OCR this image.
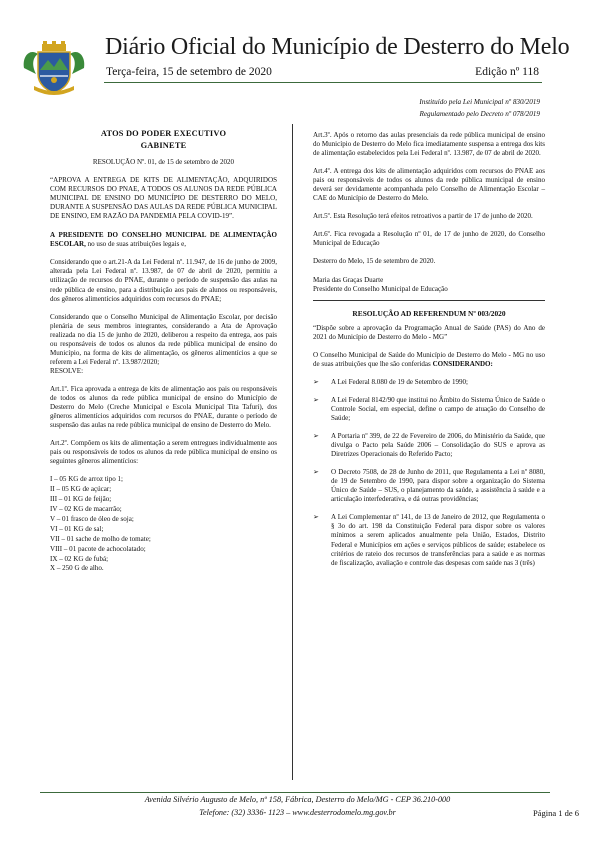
Diário Oficial do Município de Desterro do Melo
Terça-feira, 15 de setembro de 2020	Edição nº 118
Instituído pela Lei Municipal nº 830/2019
Regulamentado pelo Decreto nº 078/2019
ATOS DO PODER EXECUTIVO
GABINETE

RESOLUÇÃO Nº. 01, de 15 de setembro de 2020

“APROVA A ENTREGA DE KITS DE ALIMENTAÇÃO, ADQUIRIDOS COM RECURSOS DO PNAE, A TODOS OS ALUNOS DA REDE PÚBLICA MUNICIPAL DE ENSINO DO MUNICÍPIO DE DESTERRO DO MELO, DURANTE A SUSPENSÃO DAS AULAS DA REDE PÚBLICA MUNICIPAL DE ENSINO, EM RAZÃO DA PANDEMIA PELA COVID-19”.

A PRESIDENTE DO CONSELHO MUNICIPAL DE ALIMENTAÇÃO ESCOLAR, no uso de suas atribuições legais e,

Considerando que o art.21-A da Lei Federal nº. 11.947, de 16 de junho de 2009, alterada pela Lei Federal nº. 13.987, de 07 de abril de 2020, permitiu a utilização de recursos do PNAE, durante o período de suspensão das aulas na rede pública de ensino, para a distribuição aos pais de alunos ou responsáveis, dos gêneros alimentícios adquiridos com recursos do PNAE;

Considerando que o Conselho Municipal de Alimentação Escolar, por decisão plenária de seus membros integrantes, considerando a Ata de Aprovação realizada no dia 15 de junho de 2020, deliberou a respeito da entrega, aos pais ou responsáveis de todos os alunos da rede pública municipal de ensino do Município, na forma de kits de alimentação, os gêneros alimentícios a que se referem a Lei Federal nº. 13.987/2020;

RESOLVE:

Art.1º. Fica aprovada a entrega de kits de alimentação aos pais ou responsáveis de todos os alunos da rede pública municipal de ensino do Município de Desterro do Melo (Creche Municipal e Escola Municipal Tita Tafuri), dos gêneros alimentícios adquiridos com recursos do PNAE, durante o período de suspensão das aulas na rede pública municipal de ensino de Desterro do Melo.

Art.2º. Compõem os kits de alimentação a serem entregues individualmente aos pais ou responsáveis de todos os alunos da rede pública municipal de ensino os seguintes gêneros alimentícios:

I – 05 KG de arroz tipo 1;

II – 05 KG de açúcar;

III – 01 KG de feijão;

IV – 02 KG de macarrão;

V – 01 frasco de óleo de soja;

VI – 01 KG de sal;

VII – 01 sache de molho de tomate;

VIII – 01 pacote de achocolatado;

IX – 02 KG de fubá;

X – 250 G de alho.

Art.3º. Após o retorno das aulas presenciais da rede pública municipal de ensino do Município de Desterro do Melo fica imediatamente suspensa a entrega dos kits de alimentação estabelecidos pela Lei Federal nº. 13.987, de 07 de abril de 2020.

Art.4º. A entrega dos kits de alimentação adquiridos com recursos do PNAE aos pais ou responsáveis de todos os alunos da rede pública municipal de ensino deverá ser devidamente acompanhada pelo Conselho de Alimentação Escolar – CAE do Município de Desterro do Melo.

Art.5º. Esta Resolução terá efeitos retroativos a partir de 17 de junho de 2020.

Art.6º. Fica revogada a Resolução nº 01, de 17 de junho de 2020, do Conselho Municipal de Educação

Desterro do Melo, 15 de setembro de 2020.

Maria das Graças Duarte

Presidente do Conselho Municipal de Educação

RESOLUÇÃO AD REFERENDUM Nº 003/2020

“Dispõe sobre a aprovação da Programação Anual de Saúde (PAS) do Ano de 2021 do Município de Desterro do Melo - MG”

O Conselho Municipal de Saúde do Município de Desterro do Melo - MG no uso de suas atribuições que lhe são conferidas CONSIDERANDO:

➢ A Lei Federal 8.080 de 19 de Setembro de 1990;
➢ A Lei Federal 8142/90 que institui no Âmbito do Sistema Único de Saúde o Controle Social, em especial, define o campo de atuação do Conselho de Saúde;
➢ A Portaria nº 399, de 22 de Fevereiro de 2006, do Ministério da Saúde, que divulga o Pacto pela Saúde 2006 – Consolidação do SUS e aprova as Diretrizes Operacionais do Referido Pacto;
➢ O Decreto 7508, de 28 de Junho de 2011, que Regulamenta a Lei nº 8080, de 19 de Setembro de 1990, para dispor sobre a organização do Sistema Único de Saúde – SUS, o planejamento da saúde, a assistência à saúde e a articulação interfederativa, e dá outras providências;
➢ A Lei Complementar nº 141, de 13 de Janeiro de 2012, que Regulamenta o § 3o do art. 198 da Constituição Federal para dispor sobre os valores mínimos a serem aplicados anualmente pela União, Estados, Distrito Federal e Municípios em ações e serviços públicos de saúde; estabelece os critérios de rateio dos recursos de transferências para a saúde e as normas de fiscalização, avaliação e controle das despesas com saúde nas 3 (três)
Avenida Silvério Augusto de Melo, nº 158, Fábrica, Desterro do Melo/MG - CEP 36.210-000
Telefone: (32) 3336- 1123 – www.desterrodomelo.mg.gov.br	Página 1 de 6
